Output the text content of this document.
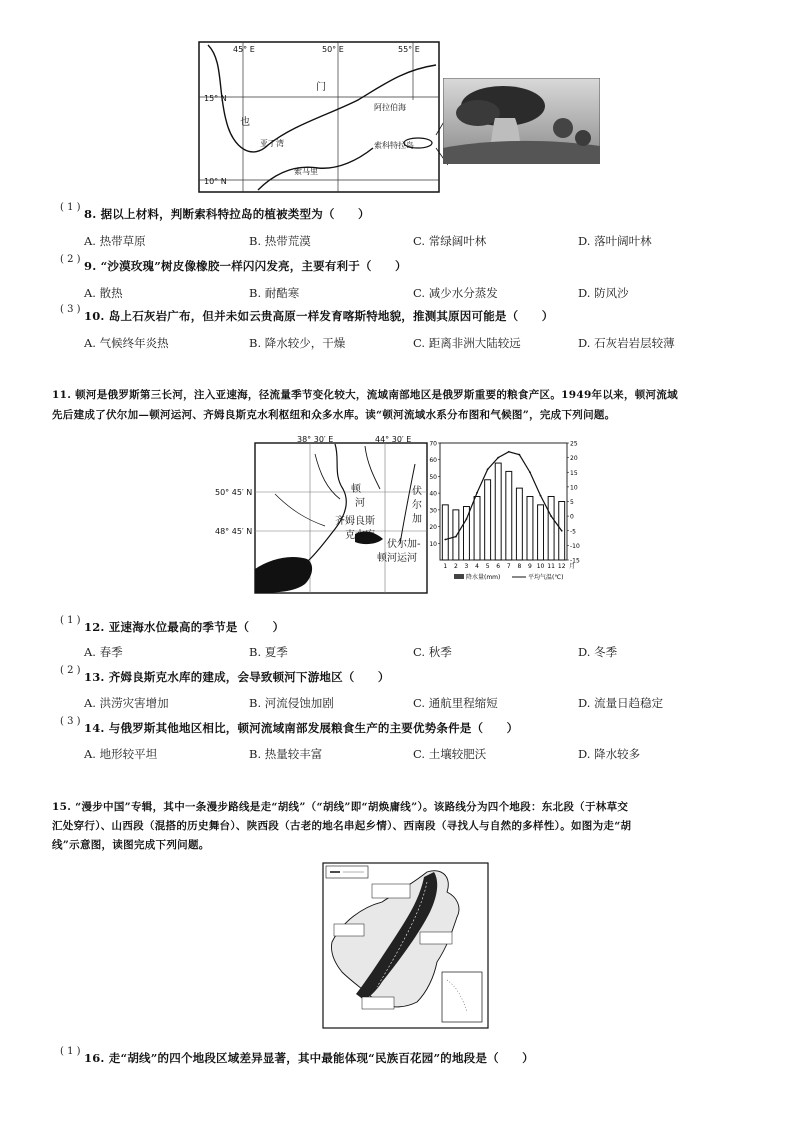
45° E	50° E	55° E
15° N
10° N
门
也
亚丁湾
阿拉伯海
索科特拉岛
索马里
( 1 ) 8. 据以上材料，判断索科特拉岛的植被类型为（　　）
A. 热带草原	B. 热带荒漠	C. 常绿阔叶林	D. 落叶阔叶林
( 2 ) 9. “沙漠玫瑰”树皮像橡胶一样闪闪发亮，主要有利于（　　）
A. 散热	B. 耐酷寒	C. 减少水分蒸发	D. 防风沙
( 3 ) 10. 岛上石灰岩广布，但并未如云贵高原一样发育喀斯特地貌，推测其原因可能是（　　）
A. 气候终年炎热	B. 降水较少，干燥	C. 距离非洲大陆较远	D. 石灰岩岩层较薄
11. 顿河是俄罗斯第三长河，注入亚速海，径流量季节变化较大，流域南部地区是俄罗斯重要的粮食产区。1949年以来，顿河流域
先后建成了伏尔加—顿河运河、齐姆良斯克水利枢纽和众多水库。读“顿河流域水系分布图和气候图”，完成下列问题。
38° 30′ E	44° 30′ E
50° 45′ N
48° 45′ N
顿
河
齐姆良斯
克水库
伏尔加-
顿河运河
伏
尔
加
10
20
30
40
50
60
70
-15
-10
-5
0
5
10
15
20
25
1 2 3 4 5 6 7 8 9 10 11 12 月
降水量(mm)	平均气温(℃)
( 1 ) 12. 亚速海水位最高的季节是（　　）
A. 春季	B. 夏季	C. 秋季	D. 冬季
( 2 ) 13. 齐姆良斯克水库的建成，会导致顿河下游地区（　　）
A. 洪涝灾害增加	B. 河流侵蚀加剧	C. 通航里程缩短	D. 流量日趋稳定
( 3 ) 14. 与俄罗斯其他地区相比，顿河流域南部发展粮食生产的主要优势条件是（　　）
A. 地形较平坦	B. 热量较丰富	C. 土壤较肥沃	D. 降水较多
15. “漫步中国”专辑，其中一条漫步路线是走“胡线”（“胡线”即“胡焕庸线”）。该路线分为四个地段：东北段（于林草交
汇处穿行）、山西段（混搭的历史舞台）、陕西段（古老的地名串起乡情）、西南段（寻找人与自然的多样性）。如图为走“胡
线”示意图，读图完成下列问题。
( 1 ) 16. 走“胡线”的四个地段区域差异显著，其中最能体现“民族百花园”的地段是（　　）
